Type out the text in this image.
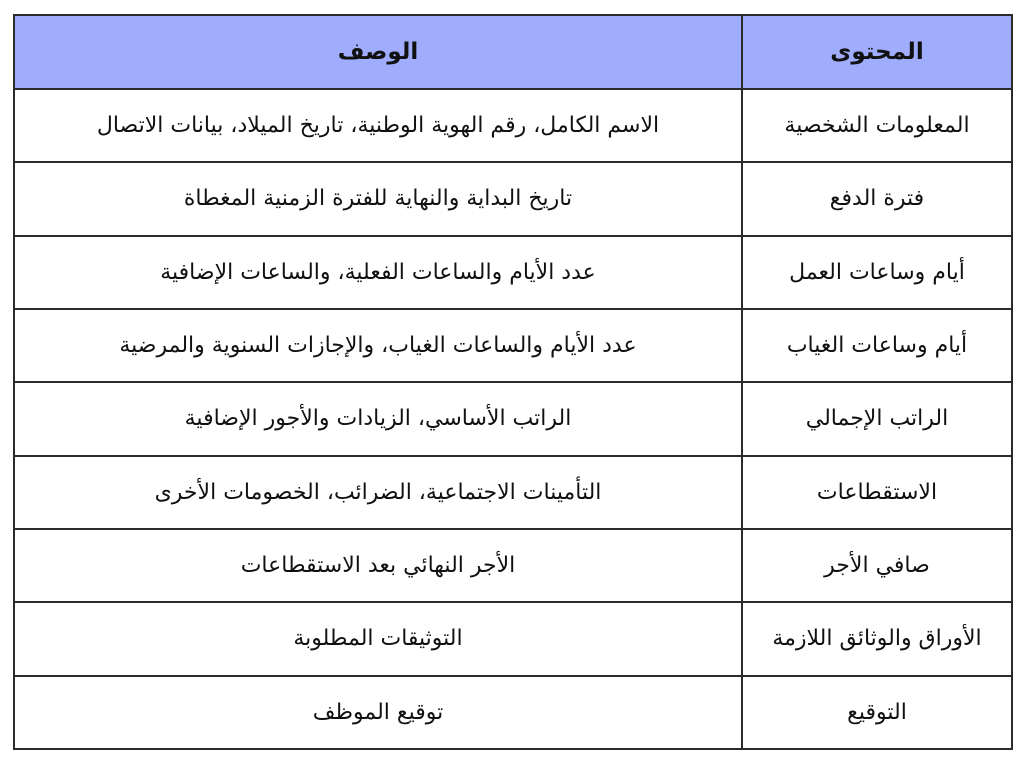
المحتوى	الوصف
المعلومات الشخصية	الاسم الكامل، رقم الهوية الوطنية، تاريخ الميلاد، بيانات الاتصال
فترة الدفع	تاريخ البداية والنهاية للفترة الزمنية المغطاة
أيام وساعات العمل	عدد الأيام والساعات الفعلية، والساعات الإضافية
أيام وساعات الغياب	عدد الأيام والساعات الغياب، والإجازات السنوية والمرضية
الراتب الإجمالي	الراتب الأساسي، الزيادات والأجور الإضافية
الاستقطاعات	التأمينات الاجتماعية، الضرائب، الخصومات الأخرى
صافي الأجر	الأجر النهائي بعد الاستقطاعات
الأوراق والوثائق اللازمة	التوثيقات المطلوبة
التوقيع	توقيع الموظف
